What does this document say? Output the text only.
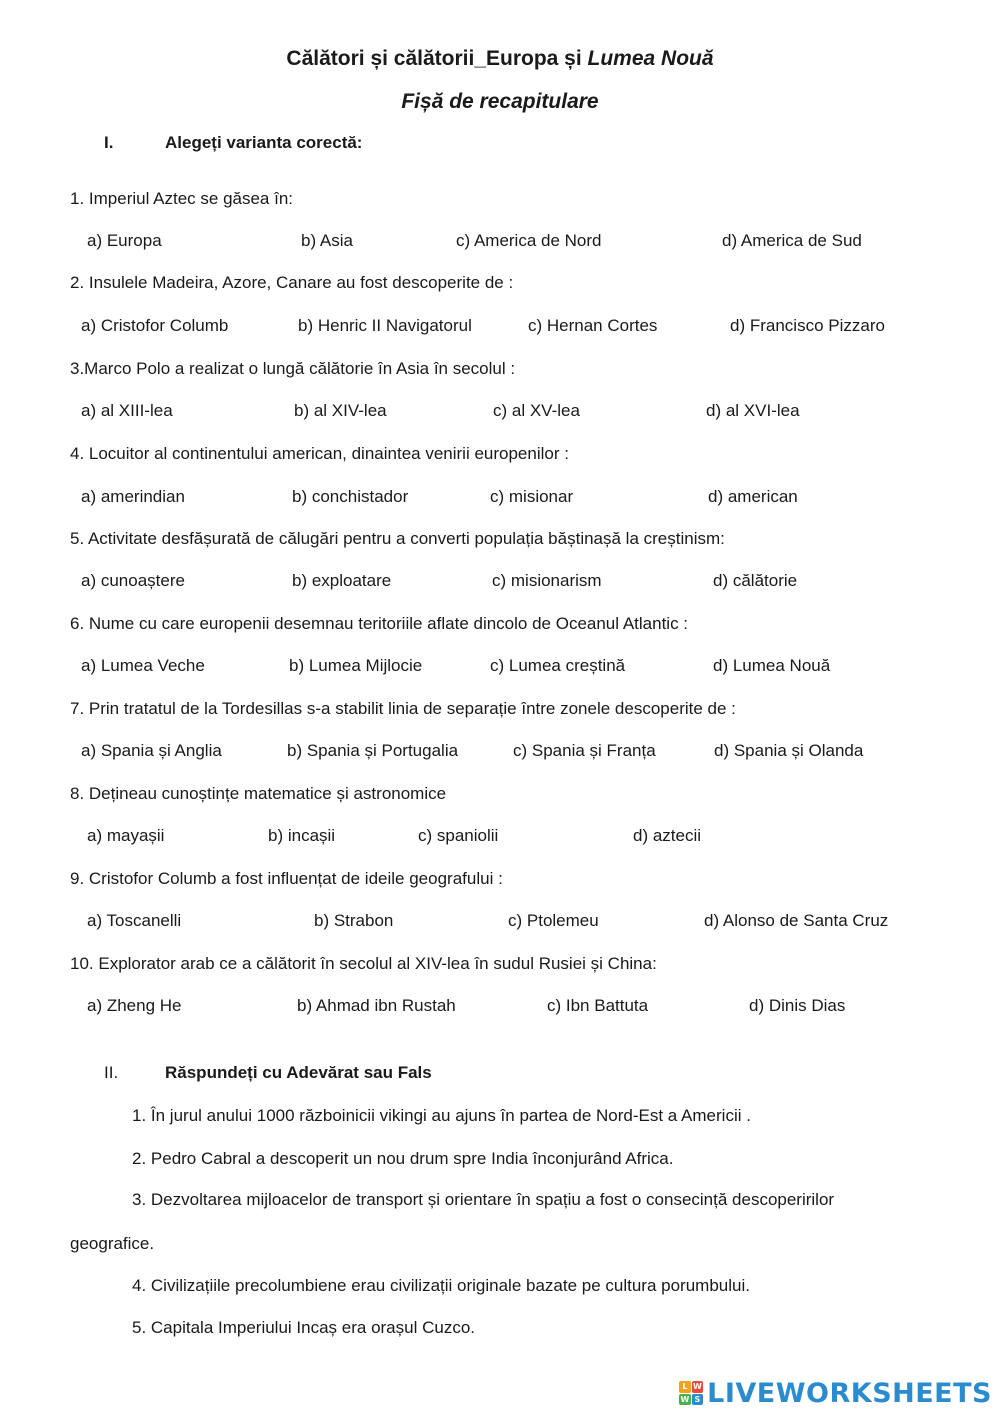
Călători și călătorii_Europa și Lumea Nouă
Fișă de recapitulare
I.	Alegeți varianta corectă:
1. Imperiul Aztec se găsea în:
a) Europa	b) Asia	c) America de Nord	d) America de Sud
2. Insulele Madeira, Azore, Canare au fost descoperite de :
a) Cristofor Columb	b) Henric II Navigatorul	c) Hernan Cortes	d) Francisco Pizzaro
3.Marco Polo a realizat o lungă călătorie în Asia în secolul :
a) al XIII-lea	b) al XIV-lea	c) al XV-lea	d) al XVI-lea
4. Locuitor al continentului american, dinaintea venirii europenilor :
a) amerindian	b) conchistador	c) misionar	d) american
5. Activitate desfășurată de călugări pentru a converti populația băștinașă la creștinism:
a) cunoaștere	b) exploatare	c) misionarism	d) călătorie
6. Nume cu care europenii desemnau teritoriile aflate dincolo de Oceanul Atlantic :
a) Lumea Veche	b) Lumea Mijlocie	c) Lumea creștină	d) Lumea Nouă
7. Prin tratatul de la Tordesillas s-a stabilit linia de separație între zonele descoperite de :
a) Spania și Anglia	b) Spania și Portugalia	c) Spania și Franța	d) Spania și Olanda
8. Dețineau cunoștințe matematice și astronomice
a) mayașii	b) incașii	c) spaniolii	d) aztecii
9. Cristofor Columb a fost influențat de ideile geografului :
a) Toscanelli	b) Strabon	c) Ptolemeu	d) Alonso de Santa Cruz
10. Explorator arab ce a călătorit în secolul al XIV-lea în sudul Rusiei și China:
a) Zheng He	b) Ahmad ibn Rustah	c) Ibn Battuta	d) Dinis Dias
II.	Răspundeți cu Adevărat sau Fals
1. În jurul anului 1000 războinicii vikingi au ajuns în partea de Nord-Est a Americii .
2. Pedro Cabral a descoperit un nou drum spre India înconjurând Africa.
3. Dezvoltarea mijloacelor de transport și orientare în spațiu a fost o consecință descoperirilor
geografice.
4. Civilizațiile precolumbiene erau civilizații originale bazate pe cultura porumbului.
5. Capitala Imperiului Incaș era orașul Cuzco.
L W
W S LIVEWORKSHEETS
